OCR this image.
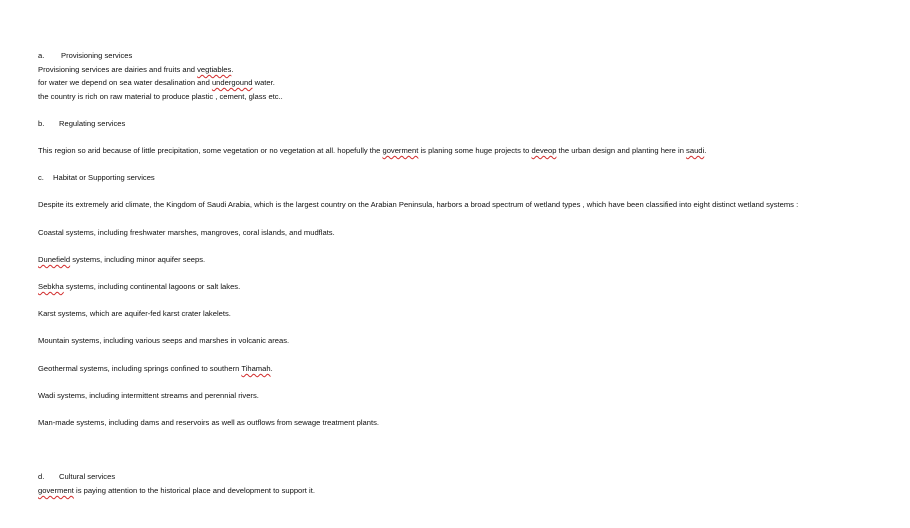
a. Provisioning services
Provisioning services are dairies and fruits and vegtiables.
for water we depend on sea water desalination and undergound water.
the country is rich on raw material to produce plastic , cement, glass etc..
b. Regulating services
This region so arid because of little precipitation, some vegetation or no vegetation at all. hopefully the goverment is planing some huge projects to deveop the urban design and planting here in saudi.
c. Habitat or Supporting services
Despite its extremely arid climate, the Kingdom of Saudi Arabia, which is the largest country on the Arabian Peninsula, harbors a broad spectrum of wetland types , which have been classified into eight distinct wetland systems :
Coastal systems, including freshwater marshes, mangroves, coral islands, and mudflats.
Dunefield systems, including minor aquifer seeps.
Sebkha systems, including continental lagoons or salt lakes.
Karst systems, which are aquifer-fed karst crater lakelets.
Mountain systems, including various seeps and marshes in volcanic areas.
Geothermal systems, including springs confined to southern Tihamah.
Wadi systems, including intermittent streams and perennial rivers.
Man-made systems, including dams and reservoirs as well as outflows from sewage treatment plants.
d. Cultural services
goverment is paying attention to the historical place and development to support it.
